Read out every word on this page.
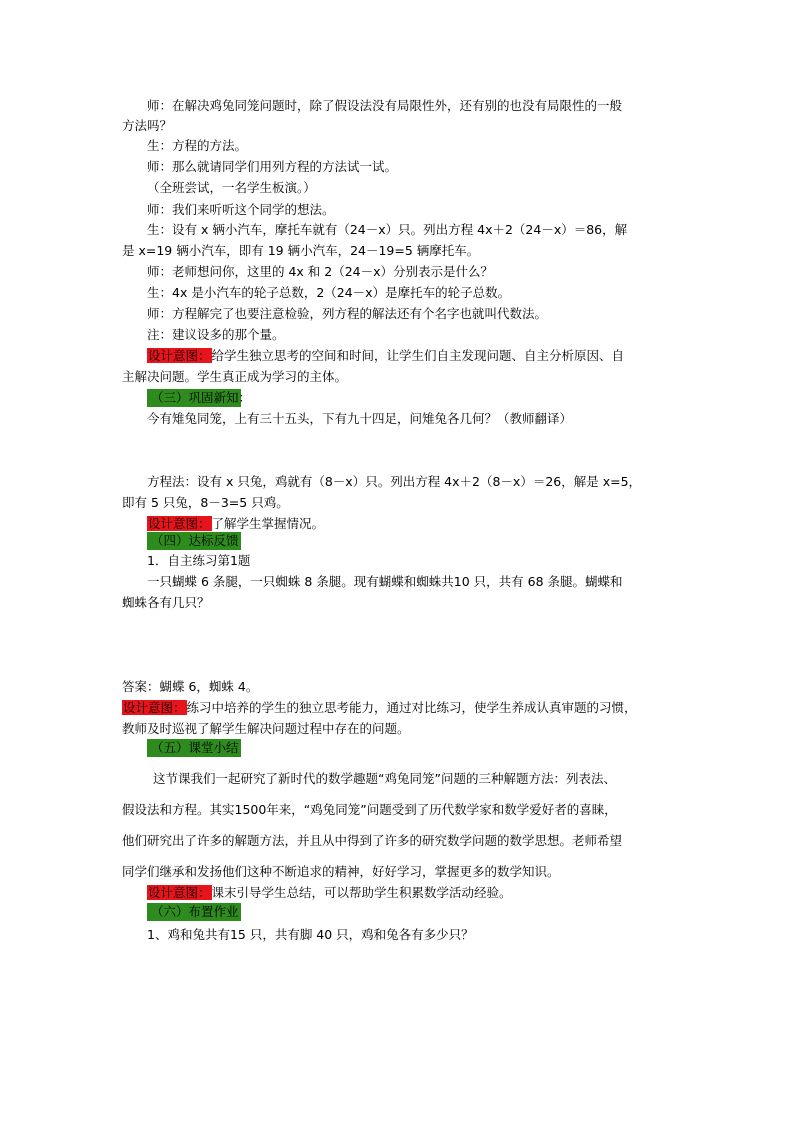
师：在解决鸡兔同笼问题时，除了假设法没有局限性外，还有别的也没有局限性的一般
方法吗？
生：方程的方法。
师：那么就请同学们用列方程的方法试一试。
（全班尝试，一名学生板演。）
师：我们来听听这个同学的想法。
生：设有 x 辆小汽车，摩托车就有（24－x）只。列出方程 4x＋2（24－x）＝86，解
是 x=19 辆小汽车，即有 19 辆小汽车，24－19=5 辆摩托车。
师：老师想问你，这里的 4x 和 2（24－x）分别表示是什么？
生：4x 是小汽车的轮子总数，2（24－x）是摩托车的轮子总数。
师：方程解完了也要注意检验，列方程的解法还有个名字也就叫代数法。
注：建议设多的那个量。
设计意图：给学生独立思考的空间和时间，让学生们自主发现问题、自主分析原因、自
主解决问题。学生真正成为学习的主体。
（三）巩固新知：
今有雉兔同笼，上有三十五头，下有九十四足，问雉兔各几何？（教师翻译）
方程法：设有 x 只兔，鸡就有（8－x）只。列出方程 4x＋2（8－x）＝26，解是 x=5，
即有 5 只兔，8－3=5 只鸡。
设计意图：了解学生掌握情况。
（四）达标反馈
1．自主练习第1题
一只蝴蝶 6 条腿，一只蜘蛛 8 条腿。现有蝴蝶和蜘蛛共10 只，共有 68 条腿。蝴蝶和
蜘蛛各有几只？
答案：蝴蝶 6，蜘蛛 4。
设计意图：练习中培养的学生的独立思考能力，通过对比练习，使学生养成认真审题的习惯，
教师及时巡视了解学生解决问题过程中存在的问题。
（五）课堂小结
这节课我们一起研究了新时代的数学趣题“鸡兔同笼”问题的三种解题方法：列表法、
假设法和方程。其实1500年来，“鸡兔同笼”问题受到了历代数学家和数学爱好者的喜睐，
他们研究出了许多的解题方法，并且从中得到了许多的研究数学问题的数学思想。老师希望
同学们继承和发扬他们这种不断追求的精神，好好学习，掌握更多的数学知识。
设计意图：课末引导学生总结，可以帮助学生积累数学活动经验。
（六）布置作业
1、鸡和兔共有15 只，共有脚 40 只，鸡和兔各有多少只？
